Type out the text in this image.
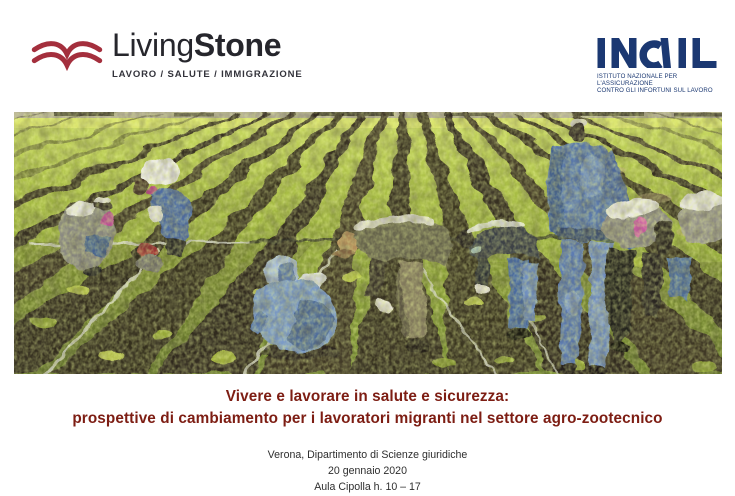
LivingStone
LAVORO / SALUTE / IMMIGRAZIONE	ISTITUTO NAZIONALE PER L'ASSICURAZIONE
CONTRO GLI INFORTUNI SUL LAVORO
Vivere e lavorare in salute e sicurezza:
prospettive di cambiamento per i lavoratori migranti nel settore agro-zootecnico
Verona, Dipartimento di Scienze giuridiche
20 gennaio 2020
Aula Cipolla h. 10 – 17
